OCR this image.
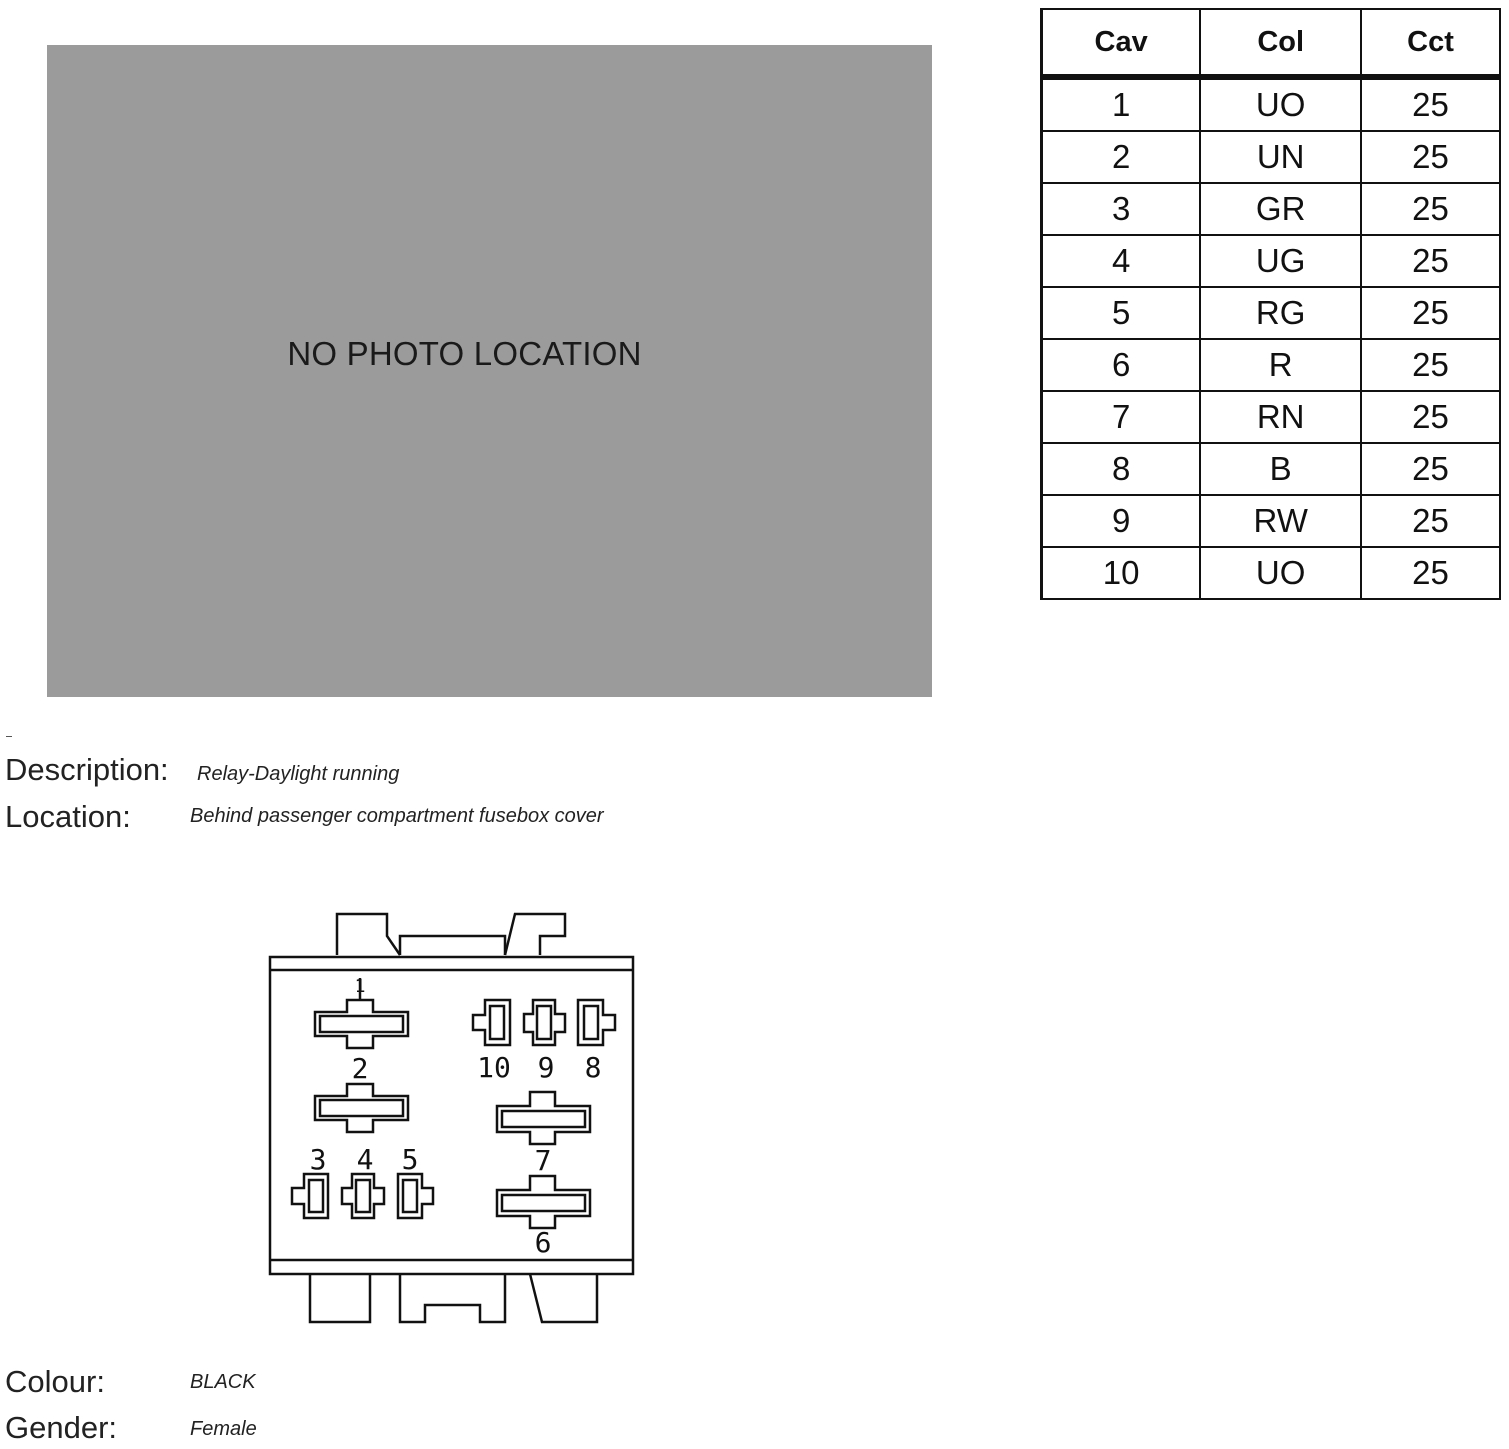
NO PHOTO LOCATION
Cav	Col	Cct
1	UO	25
2	UN	25
3	GR	25
4	UG	25
5	RG	25
6	R	25
7	RN	25
8	B	25
9	RW	25
10	UO	25
Description: Relay-Daylight running
Location:	Behind passenger compartment fusebox cover
1
2
3 4 5
6
7
8
9
10
Colour:	BLACK
Gender:	Female
